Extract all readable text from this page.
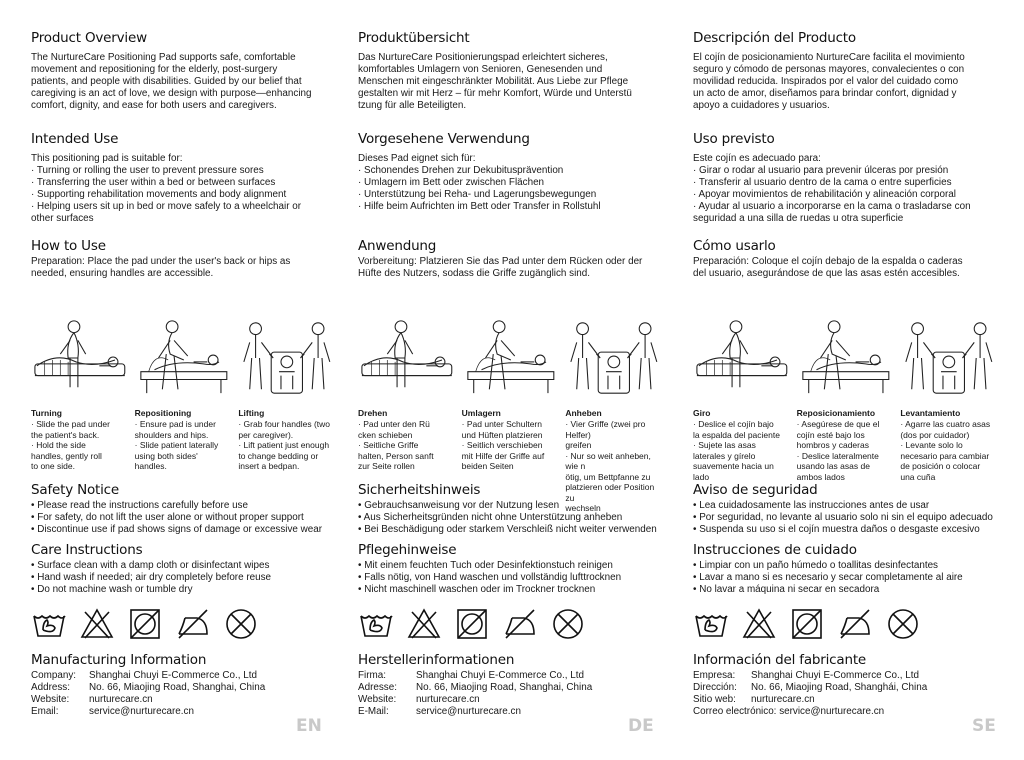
Product Overview
The NurtureCare Positioning Pad supports safe, comfortable
movement and repositioning for the elderly, post-surgery
patients, and people with disabilities. Guided by our belief that
caregiving is an act of love, we design with purpose—enhancing
comfort, dignity, and ease for both users and caregivers.
Intended Use
This positioning pad is suitable for:
· Turning or rolling the user to prevent pressure sores
· Transferring the user within a bed or between surfaces
· Supporting rehabilitation movements and body alignment
· Helping users sit up in bed or move safely to a wheelchair or
other surfaces
How to Use
Preparation: Place the pad under the user's back or hips as
needed, ensuring handles are accessible.
Turning
· Slide the pad under
the patient's back.
· Hold the side
handles, gently roll
to one side.
Repositioning
· Ensure pad is under
shoulders and hips.
· Slide patient laterally
using both sides'
handles.
Lifting
· Grab four handles (two
per caregiver).
· Lift patient just enough
to change bedding or
insert a bedpan.
Safety Notice
• Please read the instructions carefully before use
• For safety, do not lift the user alone or without proper support
• Discontinue use if pad shows signs of damage or excessive wear
Care Instructions
• Surface clean with a damp cloth or disinfectant wipes
• Hand wash if needed; air dry completely before reuse
• Do not machine wash or tumble dry
Manufacturing Information
Company:	Shanghai Chuyi E-Commerce Co., Ltd
Address:	No. 66, Miaojing Road, Shanghai, China
Website:	nurturecare.cn
Email:	service@nurturecare.cn
Produktübersicht
Das NurtureCare Positionierungspad erleichtert sicheres,
komfortables Umlagern von Senioren, Genesenden und
Menschen mit eingeschränkter Mobilität. Aus Liebe zur Pflege
gestalten wir mit Herz – für mehr Komfort, Würde und Unterstü
tzung für alle Beteiligten.
Vorgesehene Verwendung
Dieses Pad eignet sich für:
· Schonendes Drehen zur Dekubitusprävention
· Umlagern im Bett oder zwischen Flächen
· Unterstützung bei Reha- und Lagerungsbewegungen
· Hilfe beim Aufrichten im Bett oder Transfer in Rollstuhl
Anwendung
Vorbereitung: Platzieren Sie das Pad unter dem Rücken oder der
Hüfte des Nutzers, sodass die Griffe zugänglich sind.
Drehen
· Pad unter den Rü
cken schieben
· Seitliche Griffe
halten, Person sanft
zur Seite rollen
Umlagern
· Pad unter Schultern
und Hüften platzieren
· Seitlich verschieben
mit Hilfe der Griffe auf
beiden Seiten
Anheben
· Vier Griffe (zwei pro Helfer)
greifen
· Nur so weit anheben, wie n
ötig, um Bettpfanne zu
platzieren oder Position zu
wechseln
Sicherheitshinweis
• Gebrauchsanweisung vor der Nutzung lesen
• Aus Sicherheitsgründen nicht ohne Unterstützung anheben
• Bei Beschädigung oder starkem Verschleiß nicht weiter verwenden
Pflegehinweise
• Mit einem feuchten Tuch oder Desinfektionstuch reinigen
• Falls nötig, von Hand waschen und vollständig lufttrocknen
• Nicht maschinell waschen oder im Trockner trocknen
Herstellerinformationen
Firma:	Shanghai Chuyi E-Commerce Co., Ltd
Adresse:	No. 66, Miaojing Road, Shanghai, China
Website:	nurturecare.cn
E-Mail:	service@nurturecare.cn
Descripción del Producto
El cojín de posicionamiento NurtureCare facilita el movimiento
seguro y cómodo de personas mayores, convalecientes o con
movilidad reducida. Inspirados por el valor del cuidado como
un acto de amor, diseñamos para brindar confort, dignidad y
apoyo a cuidadores y usuarios.
Uso previsto
Este cojín es adecuado para:
· Girar o rodar al usuario para prevenir úlceras por presión
· Transferir al usuario dentro de la cama o entre superficies
· Apoyar movimientos de rehabilitación y alineación corporal
· Ayudar al usuario a incorporarse en la cama o trasladarse con
seguridad a una silla de ruedas u otra superficie
Cómo usarlo
Preparación: Coloque el cojín debajo de la espalda o caderas
del usuario, asegurándose de que las asas estén accesibles.
Giro
· Deslice el cojín bajo
la espalda del paciente
· Sujete las asas
laterales y gírelo
suavemente hacia un
lado
Reposicionamiento
· Asegúrese de que el
cojín esté bajo los
hombros y caderas
· Deslice lateralmente
usando las asas de
ambos lados
Levantamiento
· Agarre las cuatro asas
(dos por cuidador)
· Levante solo lo
necesario para cambiar
de posición o colocar
una cuña
Aviso de seguridad
• Lea cuidadosamente las instrucciones antes de usar
• Por seguridad, no levante al usuario solo ni sin el equipo adecuado
• Suspenda su uso si el cojín muestra daños o desgaste excesivo
Instrucciones de cuidado
• Limpiar con un paño húmedo o toallitas desinfectantes
• Lavar a mano si es necesario y secar completamente al aire
• No lavar a máquina ni secar en secadora
Información del fabricante
Empresa:	Shanghai Chuyi E-Commerce Co., Ltd
Dirección:	No. 66, Miaojing Road, Shanghái, China
Sitio web:	nurturecare.cn
Correo electrónico: service@nurturecare.cn
EN	DE	SE
